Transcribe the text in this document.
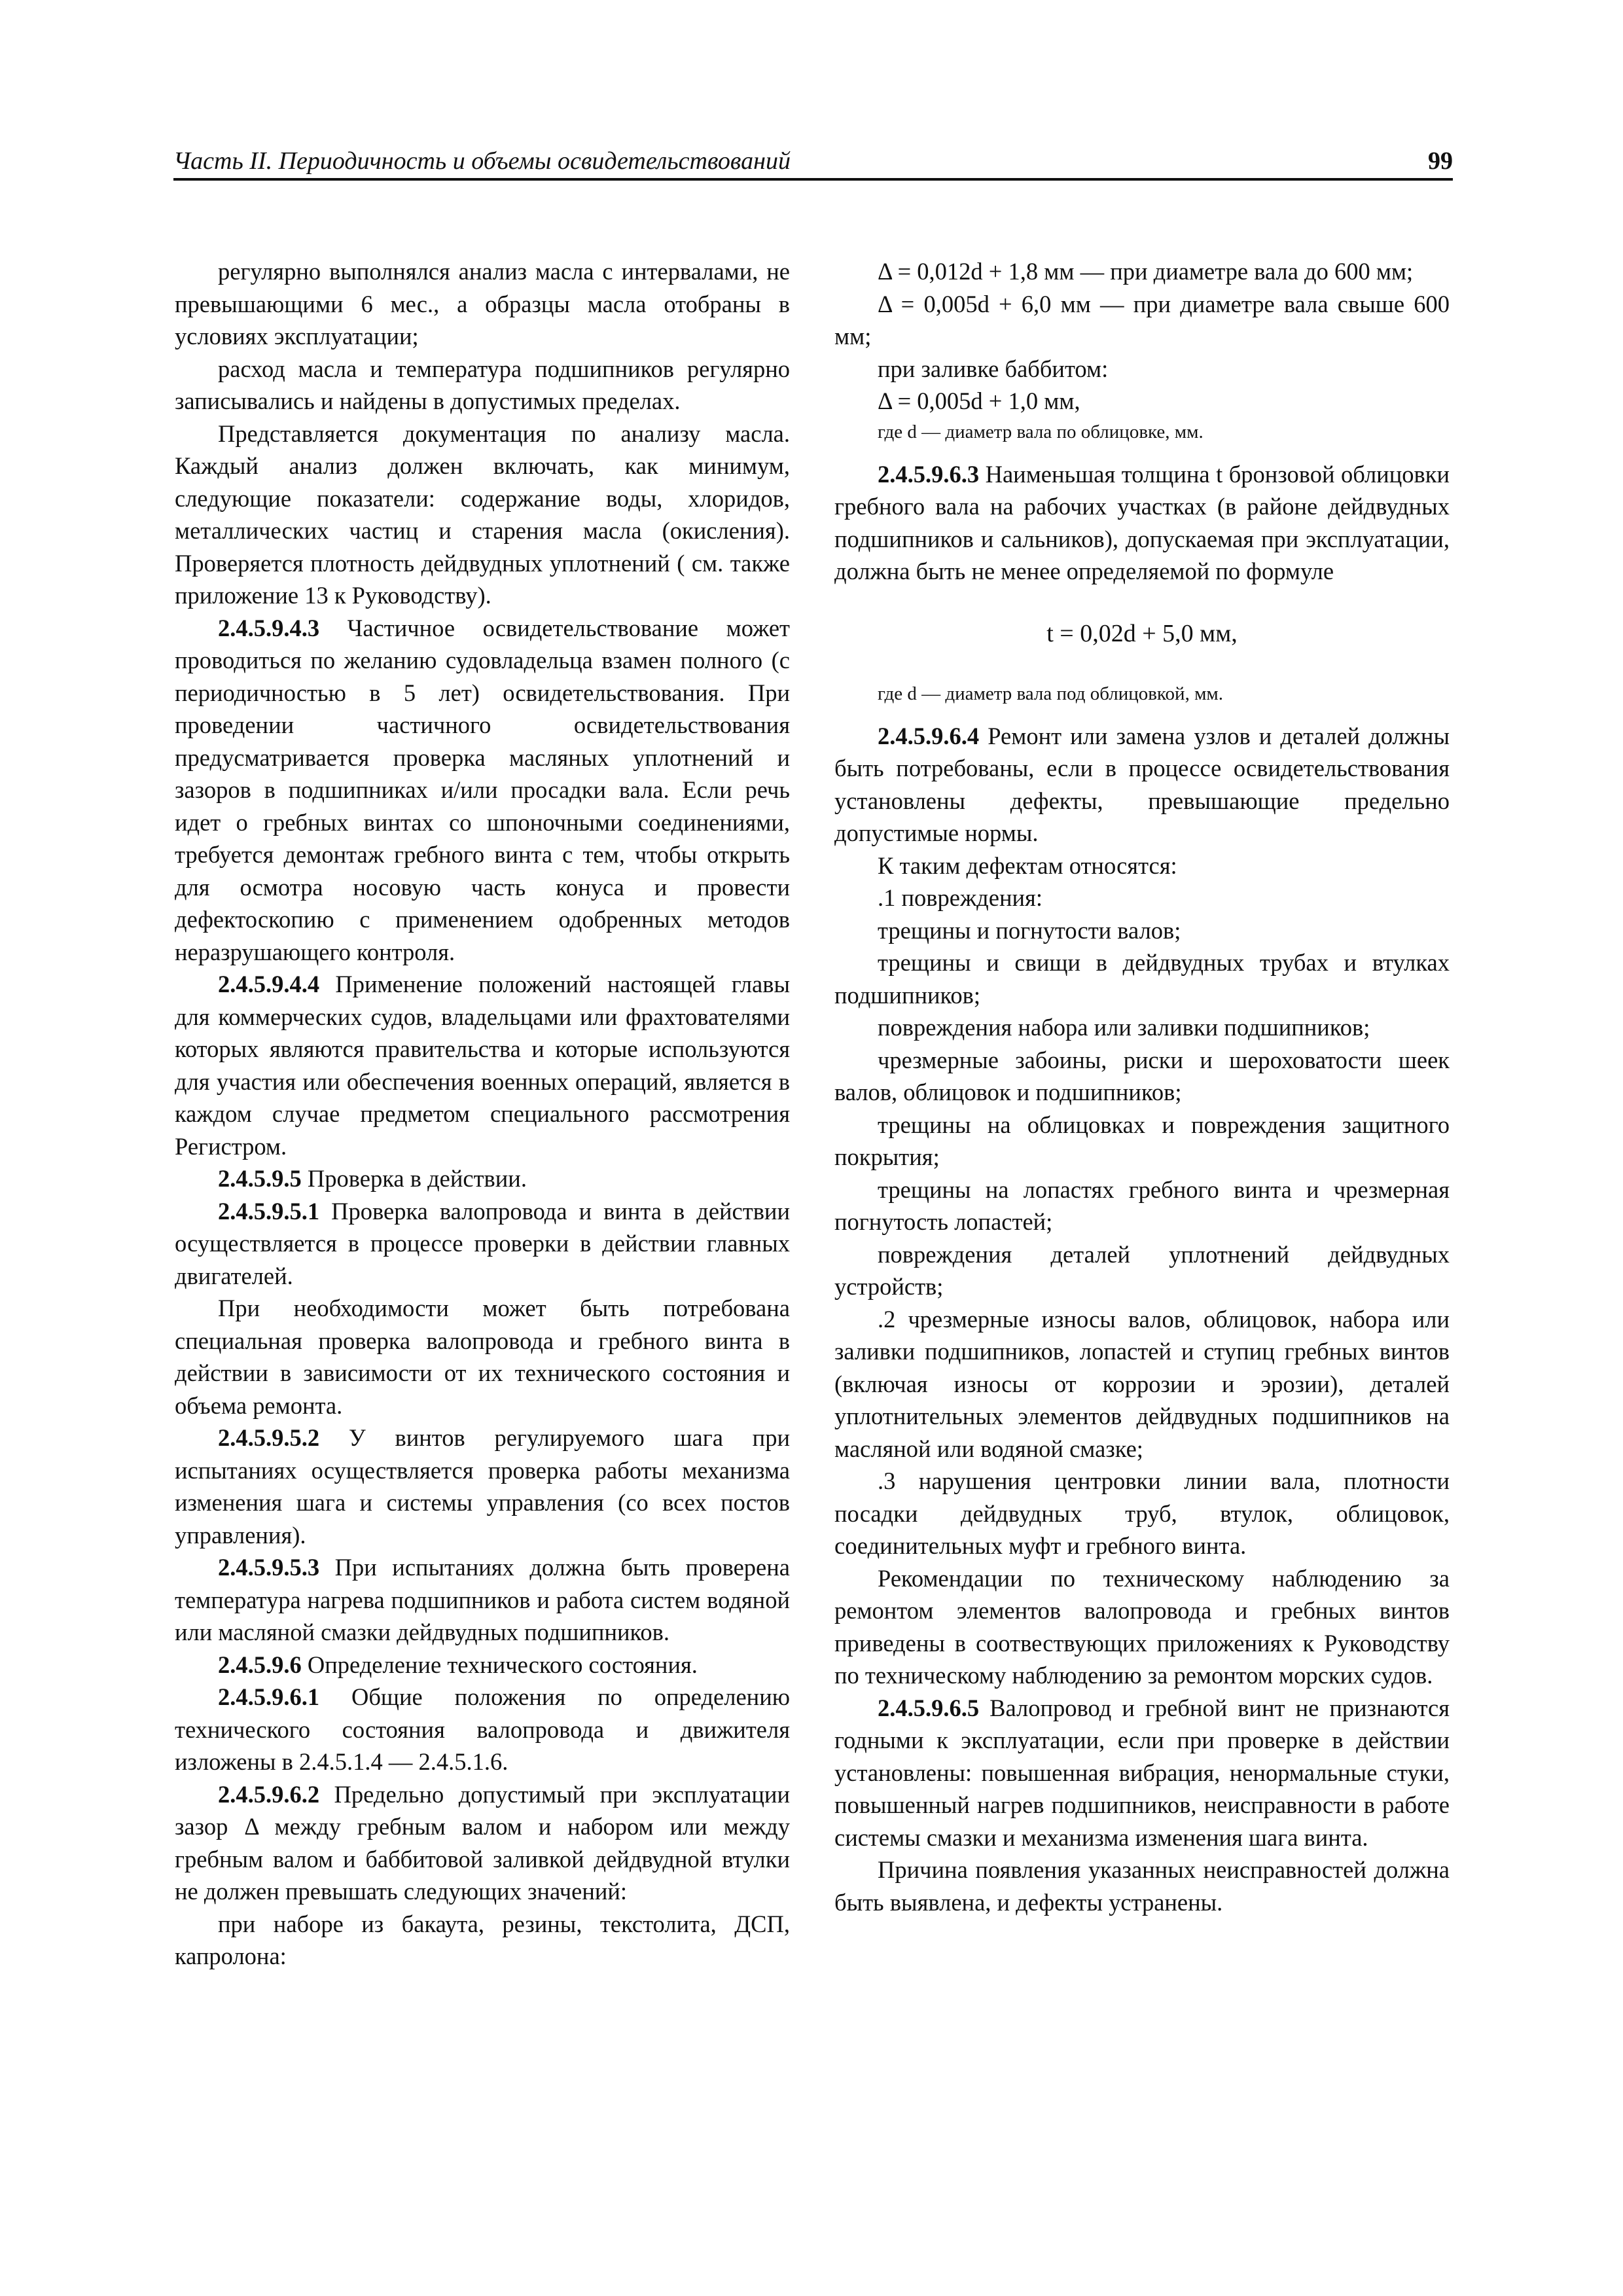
Часть II. Периодичность и объемы освидетельствований	99

регулярно выполнялся анализ масла с интервалами, не превышающими 6 мес., а образцы масла отобраны в условиях эксплуатации;

расход масла и температура подшипников регулярно записывались и найдены в допустимых пределах.

Представляется документация по анализу масла. Каждый анализ должен включать, как минимум, следующие показатели: содержание воды, хлоридов, металлических частиц и старения масла (окисления). Проверяется плотность дейдвудных уплотнений ( см. также приложение 13 к Руководству).

2.4.5.9.4.3 Частичное освидетельствование может проводиться по желанию судовладельца взамен полного (с периодичностью в 5 лет) освидетельствования. При проведении частичного освидетельствования предусматривается проверка масляных уплотнений и зазоров в подшипниках и/или просадки вала. Если речь идет о гребных винтах со шпоночными соединениями, требуется демонтаж гребного винта с тем, чтобы открыть для осмотра носовую часть конуса и провести дефектоскопию с применением одобренных методов неразрушающего контроля.

2.4.5.9.4.4 Применение положений настоящей главы для коммерческих судов, владельцами или фрахтователями которых являются правительства и которые используются для участия или обеспечения военных операций, является в каждом случае предметом специального рассмотрения Регистром.

2.4.5.9.5 Проверка в действии.

2.4.5.9.5.1 Проверка валопровода и винта в действии осуществляется в процессе проверки в действии главных двигателей.

При необходимости может быть потребована специальная проверка валопровода и гребного винта в действии в зависимости от их технического состояния и объема ремонта.

2.4.5.9.5.2 У винтов регулируемого шага при испытаниях осуществляется проверка работы механизма изменения шага и системы управления (со всех постов управления).

2.4.5.9.5.3 При испытаниях должна быть проверена температура нагрева подшипников и работа систем водяной или масляной смазки дейдвудных подшипников.

2.4.5.9.6 Определение технического состояния.

2.4.5.9.6.1 Общие положения по определению технического состояния валопровода и движителя изложены в 2.4.5.1.4 — 2.4.5.1.6.

2.4.5.9.6.2 Предельно допустимый при эксплуатации зазор Δ между гребным валом и набором или между гребным валом и баббитовой заливкой дейдвудной втулки не должен превышать следующих значений:

при наборе из бакаута, резины, текстолита, ДСП, капролона:

Δ = 0,012d + 1,8 мм — при диаметре вала до 600 мм;

Δ = 0,005d + 6,0 мм — при диаметре вала свыше 600 мм;

при заливке баббитом:

Δ = 0,005d + 1,0 мм,

где d — диаметр вала по облицовке, мм.

2.4.5.9.6.3 Наименьшая толщина t бронзовой облицовки гребного вала на рабочих участках (в районе дейдвудных подшипников и сальников), допускаемая при эксплуатации, должна быть не менее определяемой по формуле

t = 0,02d + 5,0 мм,

где d — диаметр вала под облицовкой, мм.

2.4.5.9.6.4 Ремонт или замена узлов и деталей должны быть потребованы, если в процессе освидетельствования установлены дефекты, превышающие предельно допустимые нормы.

К таким дефектам относятся:

.1 повреждения:

трещины и погнутости валов;

трещины и свищи в дейдвудных трубах и втулках подшипников;

повреждения набора или заливки подшипников;

чрезмерные забоины, риски и шероховатости шеек валов, облицовок и подшипников;

трещины на облицовках и повреждения защитного покрытия;

трещины на лопастях гребного винта и чрезмерная погнутость лопастей;

повреждения деталей уплотнений дейдвудных устройств;

.2 чрезмерные износы валов, облицовок, набора или заливки подшипников, лопастей и ступиц гребных винтов (включая износы от коррозии и эрозии), деталей уплотнительных элементов дейдвудных подшипников на масляной или водяной смазке;

.3 нарушения центровки линии вала, плотности посадки дейдвудных труб, втулок, облицовок, соединительных муфт и гребного винта.

Рекомендации по техническому наблюдению за ремонтом элементов валопровода и гребных винтов приведены в соотвествующих приложениях к Руководству по техническому наблюдению за ремонтом морских судов.

2.4.5.9.6.5 Валопровод и гребной винт не признаются годными к эксплуатации, если при проверке в действии установлены: повышенная вибрация, ненормальные стуки, повышенный нагрев подшипников, неисправности в работе системы смазки и механизма изменения шага винта.

Причина появления указанных неисправностей должна быть выявлена, и дефекты устранены.
